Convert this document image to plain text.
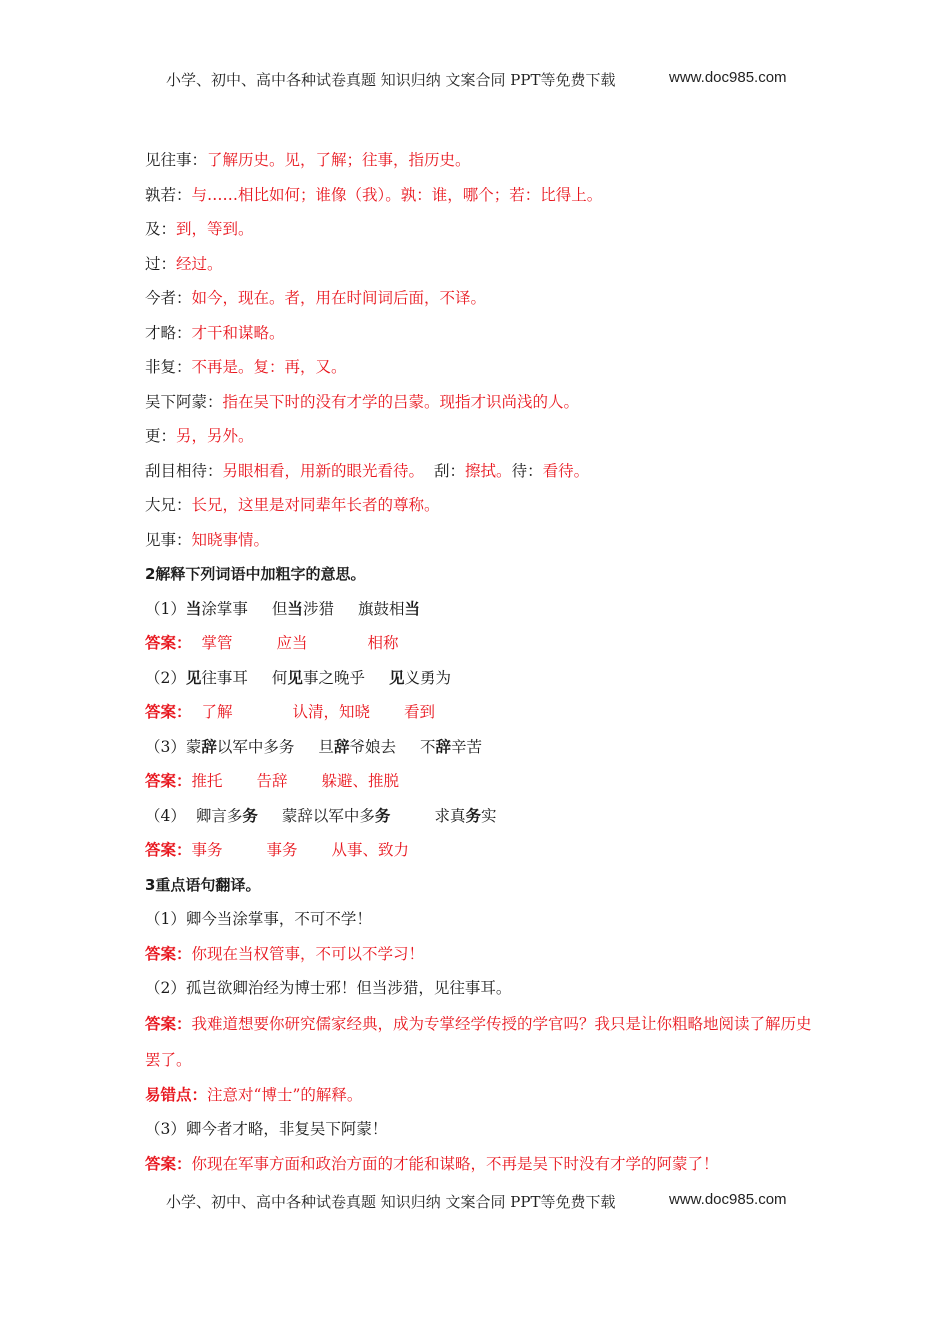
小学、初中、高中各种试卷真题 知识归纳 文案合同 PPT等免费下载	www.doc985.com
见往事：了解历史。见，了解；往事，指历史。
孰若：与……相比如何；谁像（我）。孰：谁，哪个；若：比得上。
及：到，等到。
过：经过。
今者：如今，现在。者，用在时间词后面，不译。
才略：才干和谋略。
非复：不再是。复：再，又。
吴下阿蒙：指在吴下时的没有才学的吕蒙。现指才识尚浅的人。
更：另，另外。
刮目相待：另眼相看，用新的眼光看待。 刮：擦拭。待：看待。
大兄：长兄，这里是对同辈年长者的尊称。
见事：知晓事情。
2解释下列词语中加粗字的意思。
（1）当涂掌事 但当涉猎 旗鼓相当
答案： 掌管	应当	相称
（2）见往事耳 何见事之晚乎 见义勇为
答案： 了解	认清，知晓 看到
（3）蒙辞以军中多务 旦辞爷娘去 不辞辛苦
答案：推托 告辞 躲避、推脱
（4） 卿言多务 蒙辞以军中多务	求真务实
答案：事务	事务 从事、致力
3重点语句翻译。
（1）卿今当涂掌事，不可不学！
答案：你现在当权管事，不可以不学习！
（2）孤岂欲卿治经为博士邪！但当涉猎，见往事耳。
答案：我难道想要你研究儒家经典，成为专掌经学传授的学官吗？我只是让你粗略地阅读了解历史罢了。
易错点：注意对“博士”的解释。
（3）卿今者才略，非复吴下阿蒙！
答案：你现在军事方面和政治方面的才能和谋略，不再是吴下时没有才学的阿蒙了！
小学、初中、高中各种试卷真题 知识归纳 文案合同 PPT等免费下载	www.doc985.com
